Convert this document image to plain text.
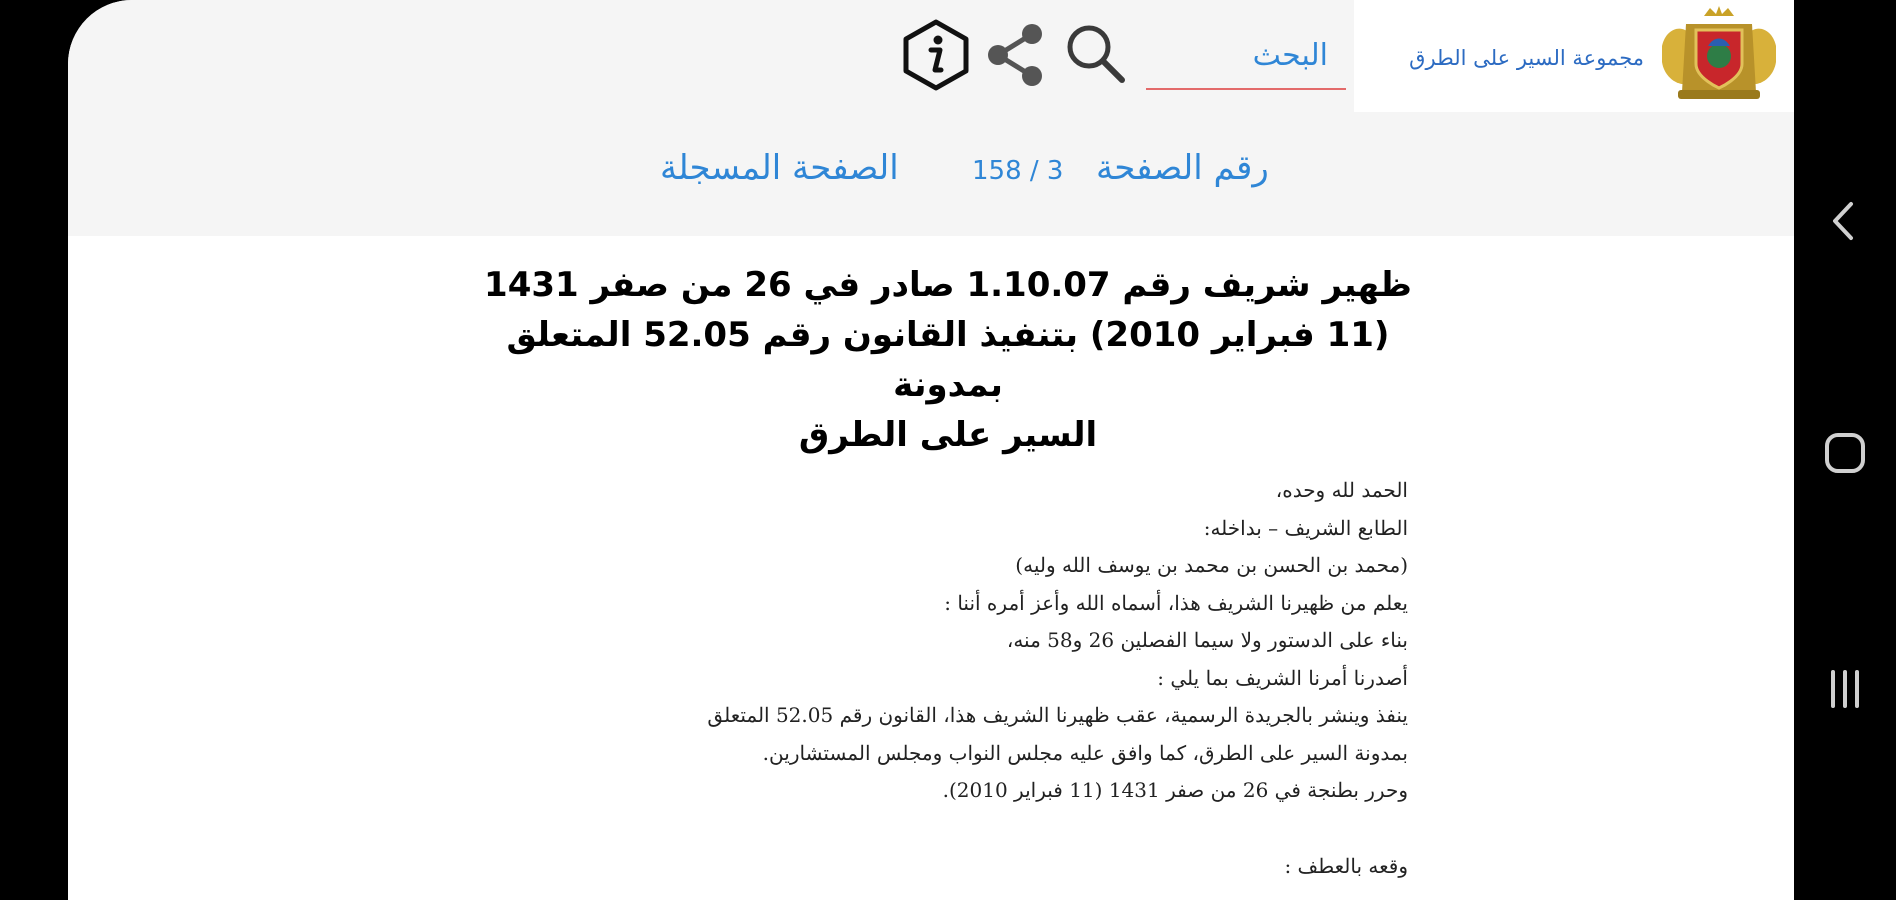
مجموعة السير على الطرق
البحث
رقم الصفحة
158 / 3
الصفحة المسجلة
ظهير شريف رقم 1.10.07 صادر في 26 من صفر 1431
(11 فبراير 2010) بتنفيذ القانون رقم 52.05 المتعلق بمدونة
السير على الطرق

الحمد لله وحده،

الطابع الشريف – بداخله:

(محمد بن الحسن بن محمد بن يوسف الله وليه)

يعلم من ظهيرنا الشريف هذا، أسماه الله وأعز أمره أننا :

بناء على الدستور ولا سيما الفصلين 26 و58 منه،

أصدرنا أمرنا الشريف بما يلي :

ينفذ وينشر بالجريدة الرسمية، عقب ظهيرنا الشريف هذا، القانون رقم 52.05 المتعلق

بمدونة السير على الطرق، كما وافق عليه مجلس النواب ومجلس المستشارين.

وحرر بطنجة في 26 من صفر 1431 (11 فبراير 2010).

وقعه بالعطف :
